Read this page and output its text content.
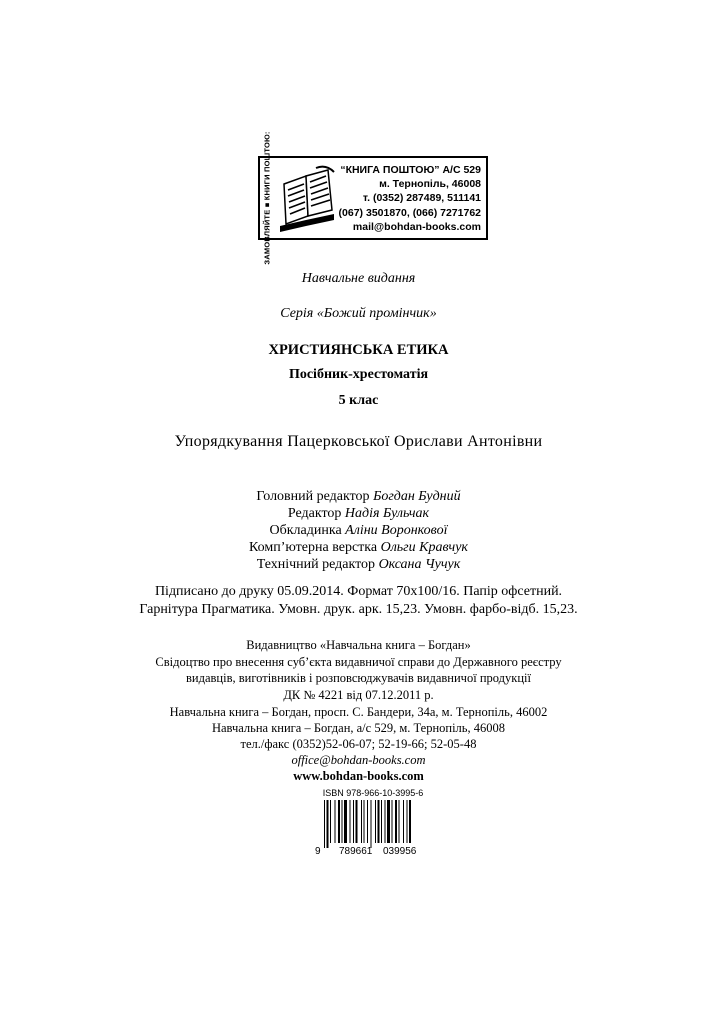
ЗАМОВЛЯЙТЕ ■ КНИГИ ПОШТОЮ:	“КНИГА ПОШТОЮ” А/С 529
м. Тернопіль, 46008
т. (0352) 287489, 511141
(067) 3501870, (066) 7271762
mail@bohdan-books.com
Навчальне видання
Серія «Божий промінчик»
ХРИСТИЯНСЬКА ЕТИКА
Посібник-хрестоматія
5 клас
Упорядкування Пацерковської Орислави Антонівни
Головний редактор Богдан Будний
Редактор Надія Бульчак
Обкладинка Аліни Воронкової
Комп’ютерна верстка Ольги Кравчук
Технічний редактор Оксана Чучук
Підписано до друку 05.09.2014. Формат 70х100/16. Папір офсетний.
Гарнітура Прагматика. Умовн. друк. арк. 15,23. Умовн. фарбо-відб. 15,23.
Видавництво «Навчальна книга – Богдан»
Свідоцтво про внесення суб’єкта видавничої справи до Державного реєстру
видавців, виготівників і розповсюджувачів видавничої продукції
ДК № 4221 від 07.12.2011 р.
Навчальна книга – Богдан, просп. С. Бандери, 34а, м. Тернопіль, 46002
Навчальна книга – Богдан, а/с 529, м. Тернопіль, 46008
тел./факс (0352)52-06-07; 52-19-66; 52-05-48
office@bohdan-books.com
www.bohdan-books.com
ISBN 978-966-10-3995-6
9 789661 039956
